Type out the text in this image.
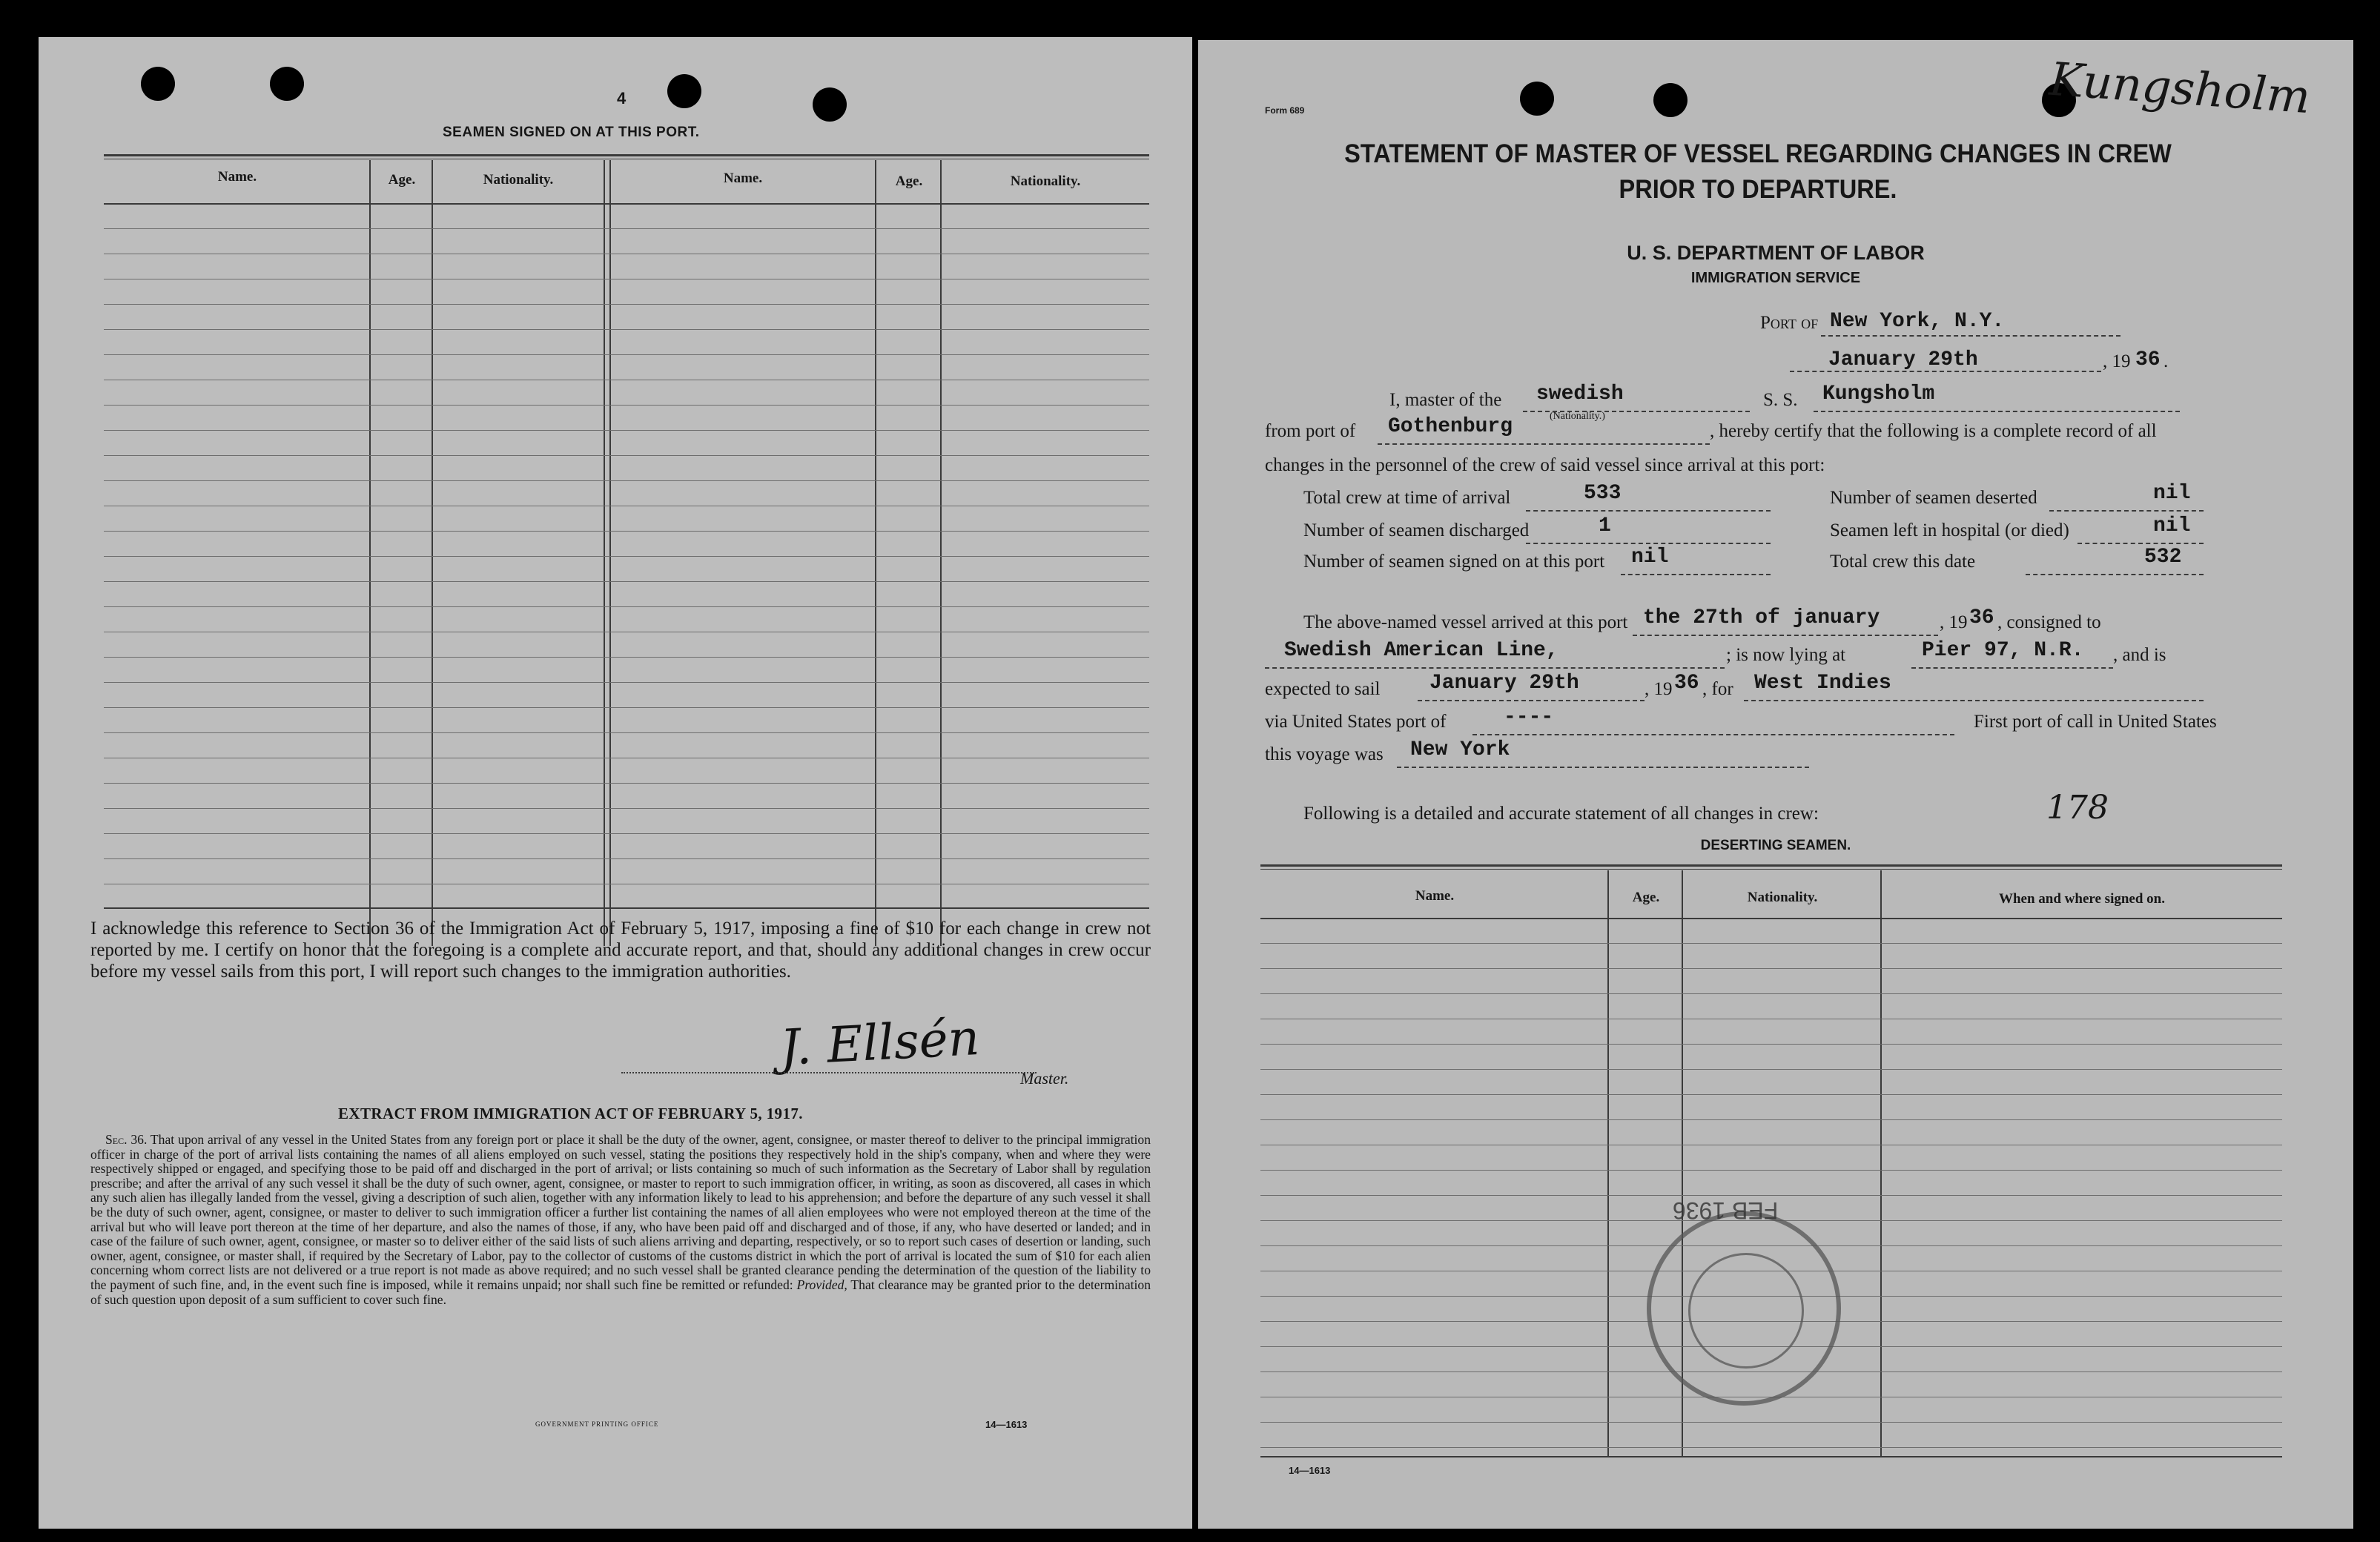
4
SEAMEN SIGNED ON AT THIS PORT.
Name.	Age.	Nationality.	Name.	Age.	Nationality.
I acknowledge this reference to Section 36 of the Immigration Act of February 5, 1917, imposing a fine of $10 for each change in crew not reported by me. I certify on honor that the foregoing is a complete and accurate report, and that, should any additional changes in crew occur before my vessel sails from this port, I will report such changes to the immigration authorities.
J. Ellsén
Master.
EXTRACT FROM IMMIGRATION ACT OF FEBRUARY 5, 1917.
Sec. 36. That upon arrival of any vessel in the United States from any foreign port or place it shall be the duty of the owner, agent, consignee, or master thereof to deliver to the principal immigration officer in charge of the port of arrival lists containing the names of all aliens employed on such vessel, stating the positions they respectively hold in the ship's company, when and where they were respectively shipped or engaged, and specifying those to be paid off and discharged in the port of arrival; or lists containing so much of such information as the Secretary of Labor shall by regulation prescribe; and after the arrival of any such vessel it shall be the duty of such owner, agent, consignee, or master to report to such immigration officer, in writing, as soon as discovered, all cases in which any such alien has illegally landed from the vessel, giving a description of such alien, together with any information likely to lead to his apprehension; and before the departure of any such vessel it shall be the duty of such owner, agent, consignee, or master to deliver to such immigration officer a further list containing the names of all alien employees who were not employed thereon at the time of the arrival but who will leave port thereon at the time of her departure, and also the names of those, if any, who have been paid off and discharged and of those, if any, who have deserted or landed; and in case of the failure of such owner, agent, consignee, or master so to deliver either of the said lists of such aliens arriving and departing, respectively, or so to report such cases of desertion or landing, such owner, agent, consignee, or master shall, if required by the Secretary of Labor, pay to the collector of customs of the customs district in which the port of arrival is located the sum of $10 for each alien concerning whom correct lists are not delivered or a true report is not made as above required; and no such vessel shall be granted clearance pending the determination of the question of the liability to the payment of such fine, and, in the event such fine is imposed, while it remains unpaid; nor shall such fine be remitted or refunded: Provided, That clearance may be granted prior to the determination of such question upon deposit of a sum sufficient to cover such fine.
GOVERNMENT PRINTING OFFICE	14—1613
Form 689	Kungsholm
STATEMENT OF MASTER OF VESSEL REGARDING CHANGES IN CREW
PRIOR TO DEPARTURE.
U. S. DEPARTMENT OF LABOR
IMMIGRATION SERVICE
Port of New York, N.Y.
January 29th	, 19 36 .
I, master of the swedish
(Nationality.)
S. S. Kungsholm
from port of Gothenburg	, hereby certify that the following is a complete record of all
changes in the personnel of the crew of said vessel since arrival at this port:
Total crew at time of arrival	533	Number of seamen deserted	nil
Number of seamen discharged	1	Seamen left in hospital (or died)	nil
Number of seamen signed on at this port nil	Total crew this date	532
The above-named vessel arrived at this port the 27th of january	, 19 36 , consigned to
Swedish American Line,	; is now lying at	Pier 97, N.R. , and is
expected to sail January 29th	, 19 36 , for West Indies
via United States port of	----	First port of call in United States
this voyage was New York
Following is a detailed and accurate statement of all changes in crew:	178
DESERTING SEAMEN.
Name.	Age.	Nationality.	When and where signed on.
FEB 1936
14—1613
